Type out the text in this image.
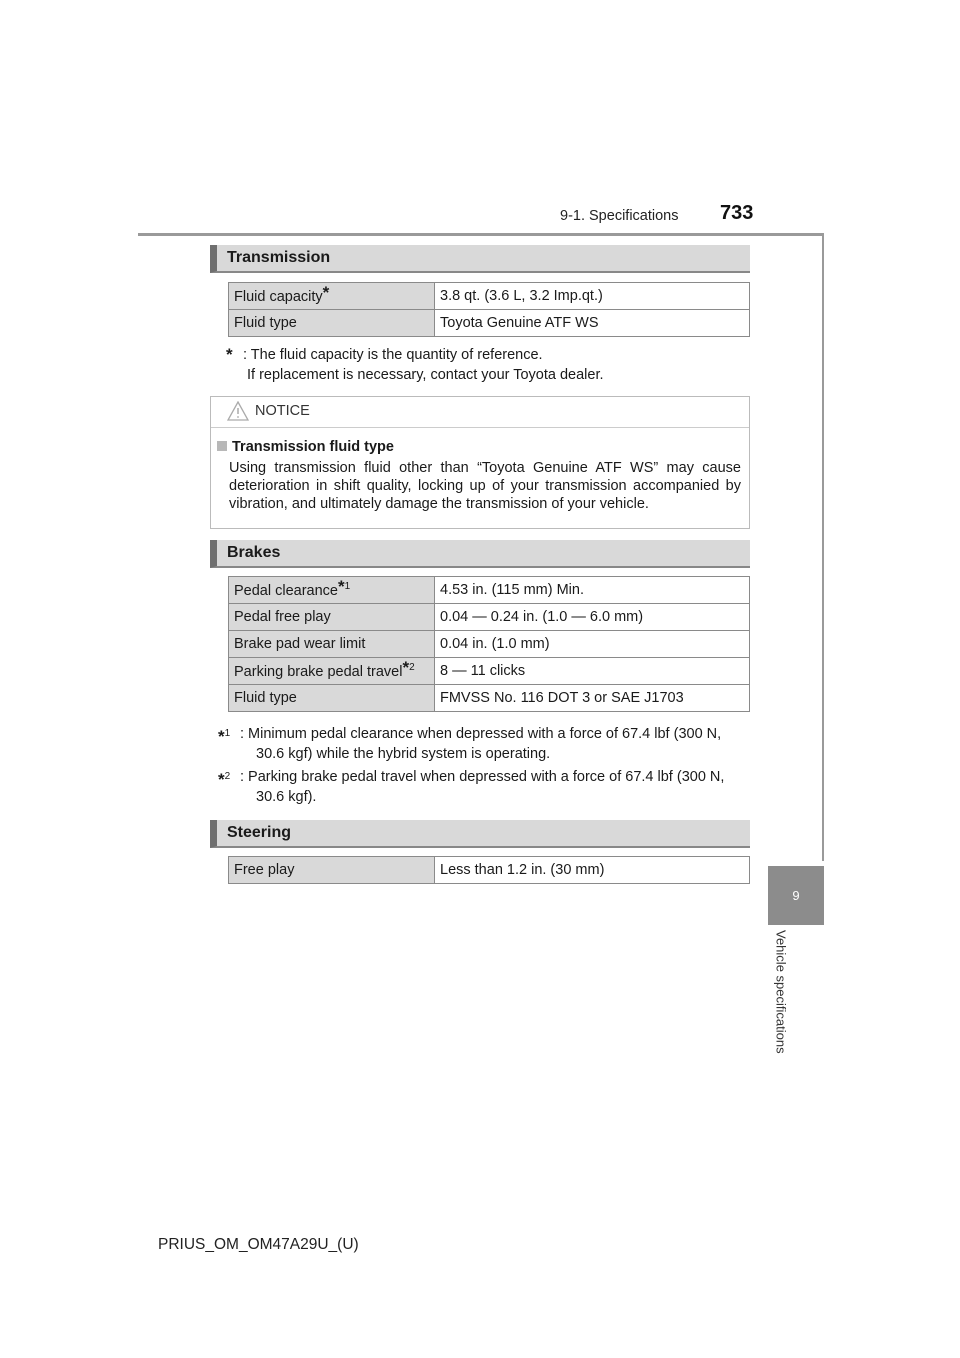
9-1. Specifications 733
9
Vehicle specifications
Transmission
Fluid capacity*	3.8 qt. (3.6 L, 3.2 Imp.qt.)
Fluid type	Toyota Genuine ATF WS
* : The fluid capacity is the quantity of reference.
If replacement is necessary, contact your Toyota dealer.
NOTICE
Transmission fluid type
Using transmission fluid other than “Toyota Genuine ATF WS” may cause deterioration in shift quality, locking up of your transmission accompanied by vibration, and ultimately damage the transmission of your vehicle.
Brakes
Pedal clearance*$^1$	4.53 in. (115 mm) Min.
Pedal free play	0.04 — 0.24 in. (1.0 — 6.0 mm)
Brake pad wear limit	0.04 in. (1.0 mm)
Parking brake pedal travel*$^2$	8 — 11 clicks
Fluid type	FMVSS No. 116 DOT 3 or SAE J1703
*$^1$ : Minimum pedal clearance when depressed with a force of 67.4 lbf (300 N,
30.6 kgf) while the hybrid system is operating.
*$^2$ : Parking brake pedal travel when depressed with a force of 67.4 lbf (300 N,
30.6 kgf).
Steering
Free play	Less than 1.2 in. (30 mm)
PRIUS_OM_OM47A29U_(U)
